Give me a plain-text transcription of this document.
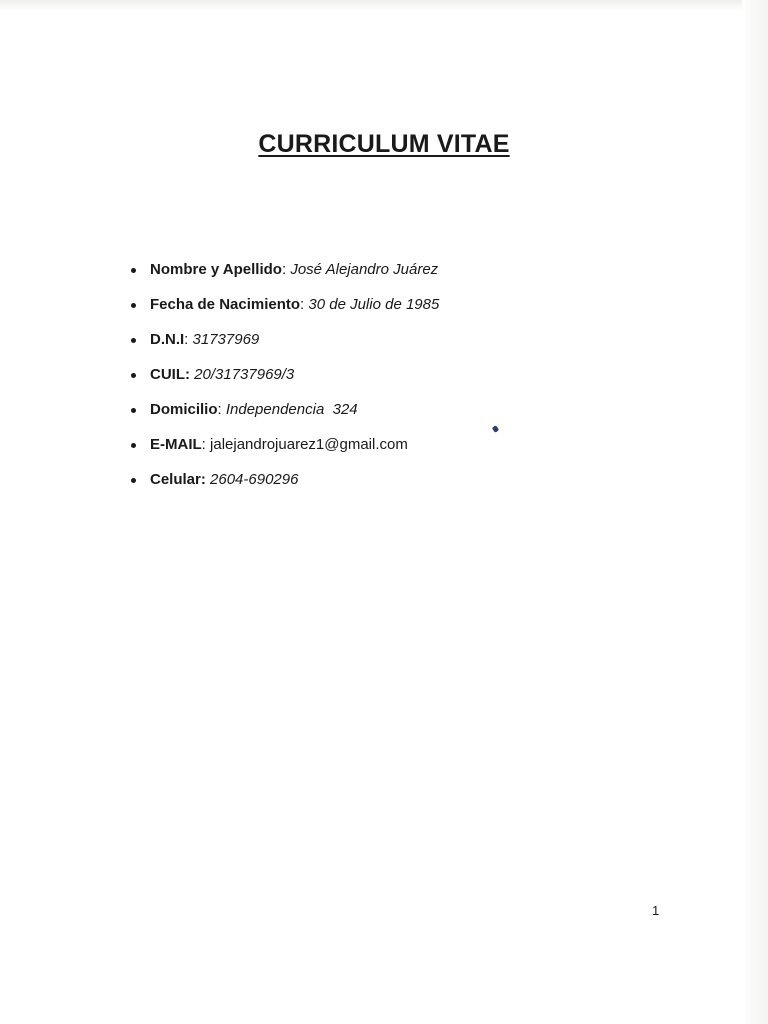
CURRICULUM VITAE
Nombre y Apellido: José Alejandro Juárez
Fecha de Nacimiento: 30 de Julio de 1985
D.N.I: 31737969
CUIL: 20/31737969/3
Domicilio: Independencia  324
E-MAIL: jalejandrojuarez1@gmail.com
Celular: 2604-690296
1
